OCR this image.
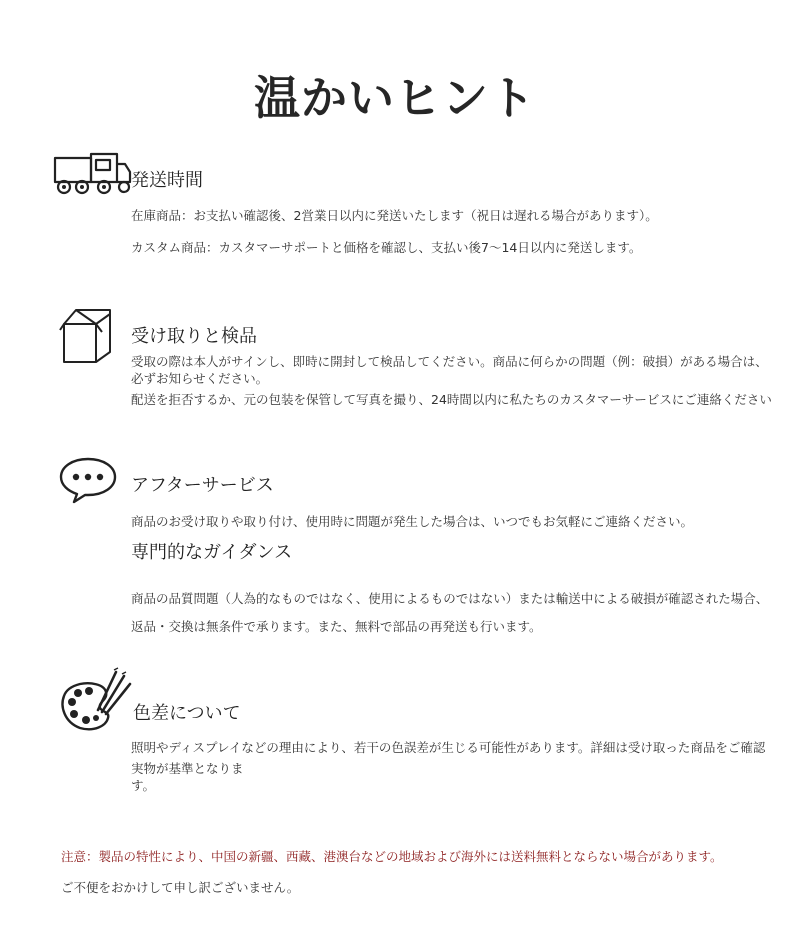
温かいヒント
発送時間
在庫商品：お支払い確認後、2営業日以内に発送いたします（祝日は遅れる場合があります）。
カスタム商品：カスタマーサポートと価格を確認し、支払い後7〜14日以内に発送します。
受け取りと検品
受取の際は本人がサインし、即時に開封して検品してください。商品に何らかの問題（例：破損）がある場合は、
必ずお知らせください。
配送を拒否するか、元の包装を保管して写真を撮り、24時間以内に私たちのカスタマーサービスにご連絡ください
アフターサービス
商品のお受け取りや取り付け、使用時に問題が発生した場合は、いつでもお気軽にご連絡ください。
専門的なガイダンス
商品の品質問題（人為的なものではなく、使用によるものではない）または輸送中による破損が確認された場合、
返品・交換は無条件で承ります。また、無料で部品の再発送も行います。
色差について
照明やディスプレイなどの理由により、若干の色誤差が生じる可能性があります。詳細は受け取った商品をご確認
実物が基準となりま
す。
注意：製品の特性により、中国の新疆、西藏、港澳台などの地域および海外には送料無料とならない場合があります。
ご不便をおかけして申し訳ございません。
